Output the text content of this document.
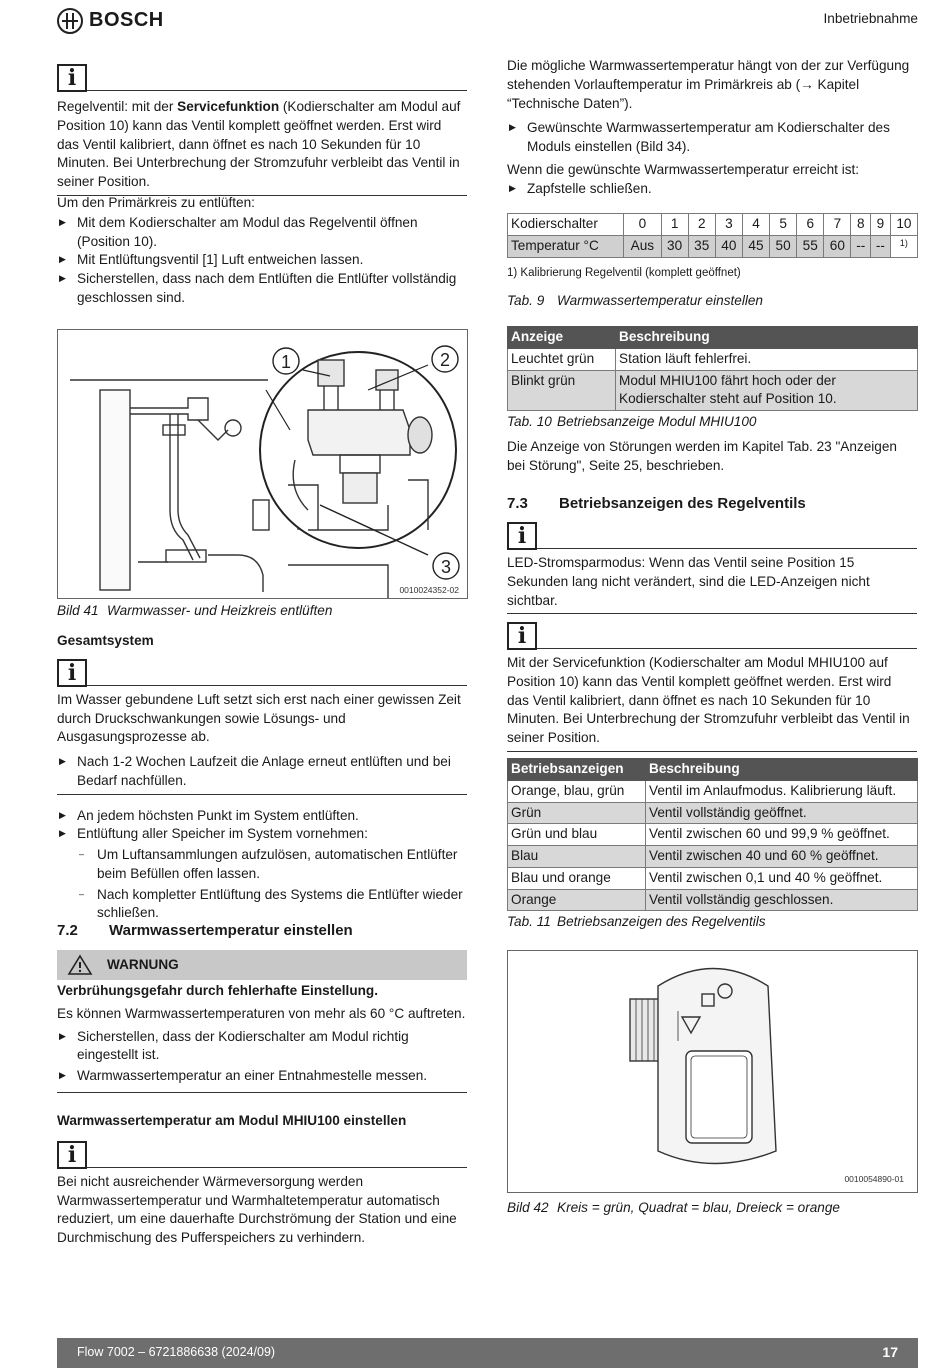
BOSCH	Inbetriebnahme
i

Regelventil: mit der Servicefunktion (Kodierschalter am Modul auf Position 10) kann das Ventil komplett geöffnet werden. Erst wird das Ventil kalibriert, dann öffnet es nach 10 Sekunden für 10 Minuten. Bei Unterbrechung der Stromzufuhr verbleibt das Ventil in seiner Position.

Um den Primärkreis zu entlüften:

▶ Mit dem Kodierschalter am Modul das Regelventil öffnen (Position 10).
▶ Mit Entlüftungsventil [1] Luft entweichen lassen.
▶ Sicherstellen, dass nach dem Entlüften die Entlüfter vollständig geschlossen sind.
1	2
3
0010024352-02
Bild 41 Warmwasser- und Heizkreis entlüften

Gesamtsystem

i

Im Wasser gebundene Luft setzt sich erst nach einer gewissen Zeit durch Druckschwankungen sowie Lösungs- und Ausgasungsprozesse ab.

▶ Nach 1-2 Wochen Laufzeit die Anlage erneut entlüften und bei Bedarf nachfüllen.
▶ An jedem höchsten Punkt im System entlüften.
▶ Entlüftung aller Speicher im System vornehmen:
– Um Luftansammlungen aufzulösen, automatischen Entlüfter beim Befüllen offen lassen.
– Nach kompletter Entlüftung des Systems die Entlüfter wieder schließen.
7.2	Warmwassertemperatur einstellen
WARNUNG

Verbrühungsgefahr durch fehlerhafte Einstellung.

Es können Warmwassertemperaturen von mehr als 60 °C auftreten.

▶ Sicherstellen, dass der Kodierschalter am Modul richtig eingestellt ist.
▶ Warmwassertemperatur an einer Entnahmestelle messen.

Warmwassertemperatur am Modul MHIU100 einstellen

i

Bei nicht ausreichender Wärmeversorgung werden Warmwassertemperatur und Warmhaltetemperatur automatisch reduziert, um eine dauerhafte Durchströmung der Station und eine Durchmischung des Pufferspeichers zu verhindern.

Die mögliche Warmwassertemperatur hängt von der zur Verfügung stehenden Vorlauftemperatur im Primärkreis ab (→ Kapitel “Technische Daten”).

▶ Gewünschte Warmwassertemperatur am Kodierschalter des Moduls einstellen (Bild 34).

Wenn die gewünschte Warmwassertemperatur erreicht ist:

▶ Zapfstelle schließen.
Kodierschalter	0	1	2	3	4	5	6	7	8	9	10
Temperatur °C	Aus	30	35	40	45	50	55	60	--	--	1)

1) Kalibrierung Regelventil (komplett geöffnet)

Tab. 9 Warmwassertemperatur einstellen

Anzeige	Beschreibung
Leuchtet grün	Station läuft fehlerfrei.
Blinkt grün	Modul MHIU100 fährt hoch oder der Kodierschalter steht auf Position 10.

Tab. 10 Betriebsanzeige Modul MHIU100

Die Anzeige von Störungen werden im Kapitel Tab. 23 "Anzeigen bei Störung", Seite 25, beschrieben.

7.3	Betriebsanzeigen des Regelventils
i

LED-Stromsparmodus: Wenn das Ventil seine Position 15 Sekunden lang nicht verändert, sind die LED-Anzeigen nicht sichtbar.

i

Mit der Servicefunktion (Kodierschalter am Modul MHIU100 auf Position 10) kann das Ventil komplett geöffnet werden. Erst wird das Ventil kalibriert, dann öffnet es nach 10 Sekunden für 10 Minuten. Bei Unterbrechung der Stromzufuhr verbleibt das Ventil in seiner Position.

Betriebsanzeigen	Beschreibung
Orange, blau, grün	Ventil im Anlaufmodus. Kalibrierung läuft.
Grün	Ventil vollständig geöffnet.
Grün und blau	Ventil zwischen 60 und 99,9 % geöffnet.
Blau	Ventil zwischen 40 und 60 % geöffnet.
Blau und orange	Ventil zwischen 0,1 und 40 % geöffnet.
Orange	Ventil vollständig geschlossen.

Tab. 11 Betriebsanzeigen des Regelventils

0010054890-01
Bild 42 Kreis = grün, Quadrat = blau, Dreieck = orange
Flow 7002 – 6721886638 (2024/09)	17
